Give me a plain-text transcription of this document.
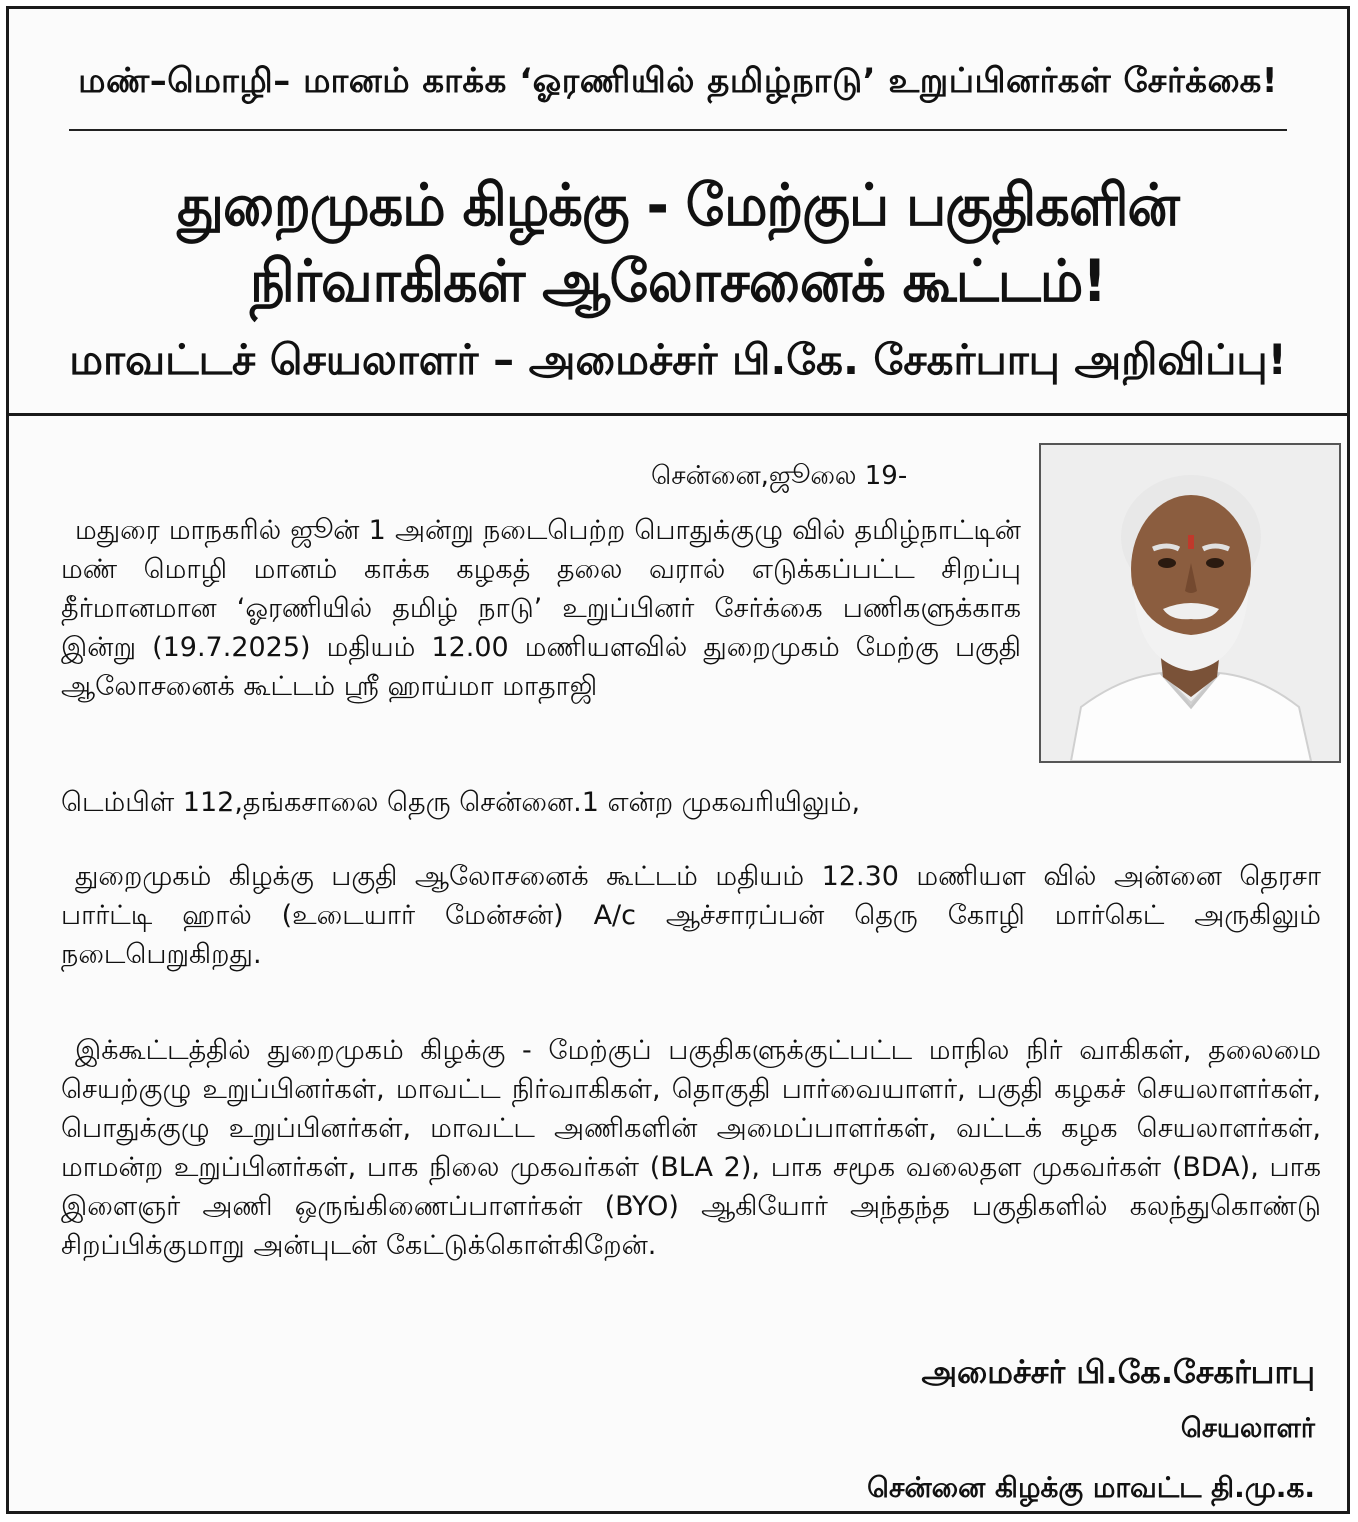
மண்–மொழி– மானம் காக்க ‘ஓரணியில் தமிழ்நாடு’ உறுப்பினர்கள் சேர்க்கை!
துறைமுகம் கிழக்கு - மேற்குப் பகுதிகளின் நிர்வாகிகள் ஆலோசனைக் கூட்டம்!
மாவட்டச் செயலாளர் – அமைச்சர் பி.கே. சேகர்பாபு அறிவிப்பு!
சென்னை,ஜூலை 19-
மதுரை மாநகரில் ஜூன் 1 அன்று நடைபெற்ற பொதுக்குழு வில் தமிழ்நாட்டின் மண் மொழி மானம் காக்க கழகத் தலை வரால் எடுக்கப்பட்ட சிறப்பு தீர்மானமான ‘ஓரணியில் தமிழ் நாடு’ உறுப்பினர் சேர்க்கை பணிகளுக்காக இன்று (19.7.2025) மதியம் 12.00 மணியளவில் துறைமுகம் மேற்கு பகுதி ஆலோசனைக் கூட்டம் ஸ்ரீ ஹாய்மா மாதாஜி
டெம்பிள் 112,தங்கசாலை தெரு சென்னை.1 என்ற முகவரியிலும்,
துறைமுகம் கிழக்கு பகுதி ஆலோசனைக் கூட்டம் மதியம் 12.30 மணியள வில் அன்னை தெரசா பார்ட்டி ஹால் (உடையார் மேன்சன்) A/c ஆச்சாரப்பன் தெரு கோழி மார்கெட் அருகிலும் நடைபெறுகிறது.
இக்கூட்டத்தில் துறைமுகம் கிழக்கு - மேற்குப் பகுதிகளுக்குட்பட்ட மாநில நிர் வாகிகள், தலைமை செயற்குழு உறுப்பினர்கள், மாவட்ட நிர்வாகிகள், தொகுதி பார்வையாளர், பகுதி கழகச் செயலாளர்கள், பொதுக்குழு உறுப்பினர்கள், மாவட்ட அணிகளின் அமைப்பாளர்கள், வட்டக் கழக செயலாளர்கள், மாமன்ற உறுப்பினர்கள், பாக நிலை முகவர்கள் (BLA 2), பாக சமூக வலைதள முகவர்கள் (BDA), பாக இளைஞர் அணி ஒருங்கிணைப்பாளர்கள் (BYO) ஆகியோர் அந்தந்த பகுதிகளில் கலந்துகொண்டு சிறப்பிக்குமாறு அன்புடன் கேட்டுக்கொள்கிறேன்.
அமைச்சர் பி.கே.சேகர்பாபு
செயலாளர்
சென்னை கிழக்கு மாவட்ட தி.மு.க.
